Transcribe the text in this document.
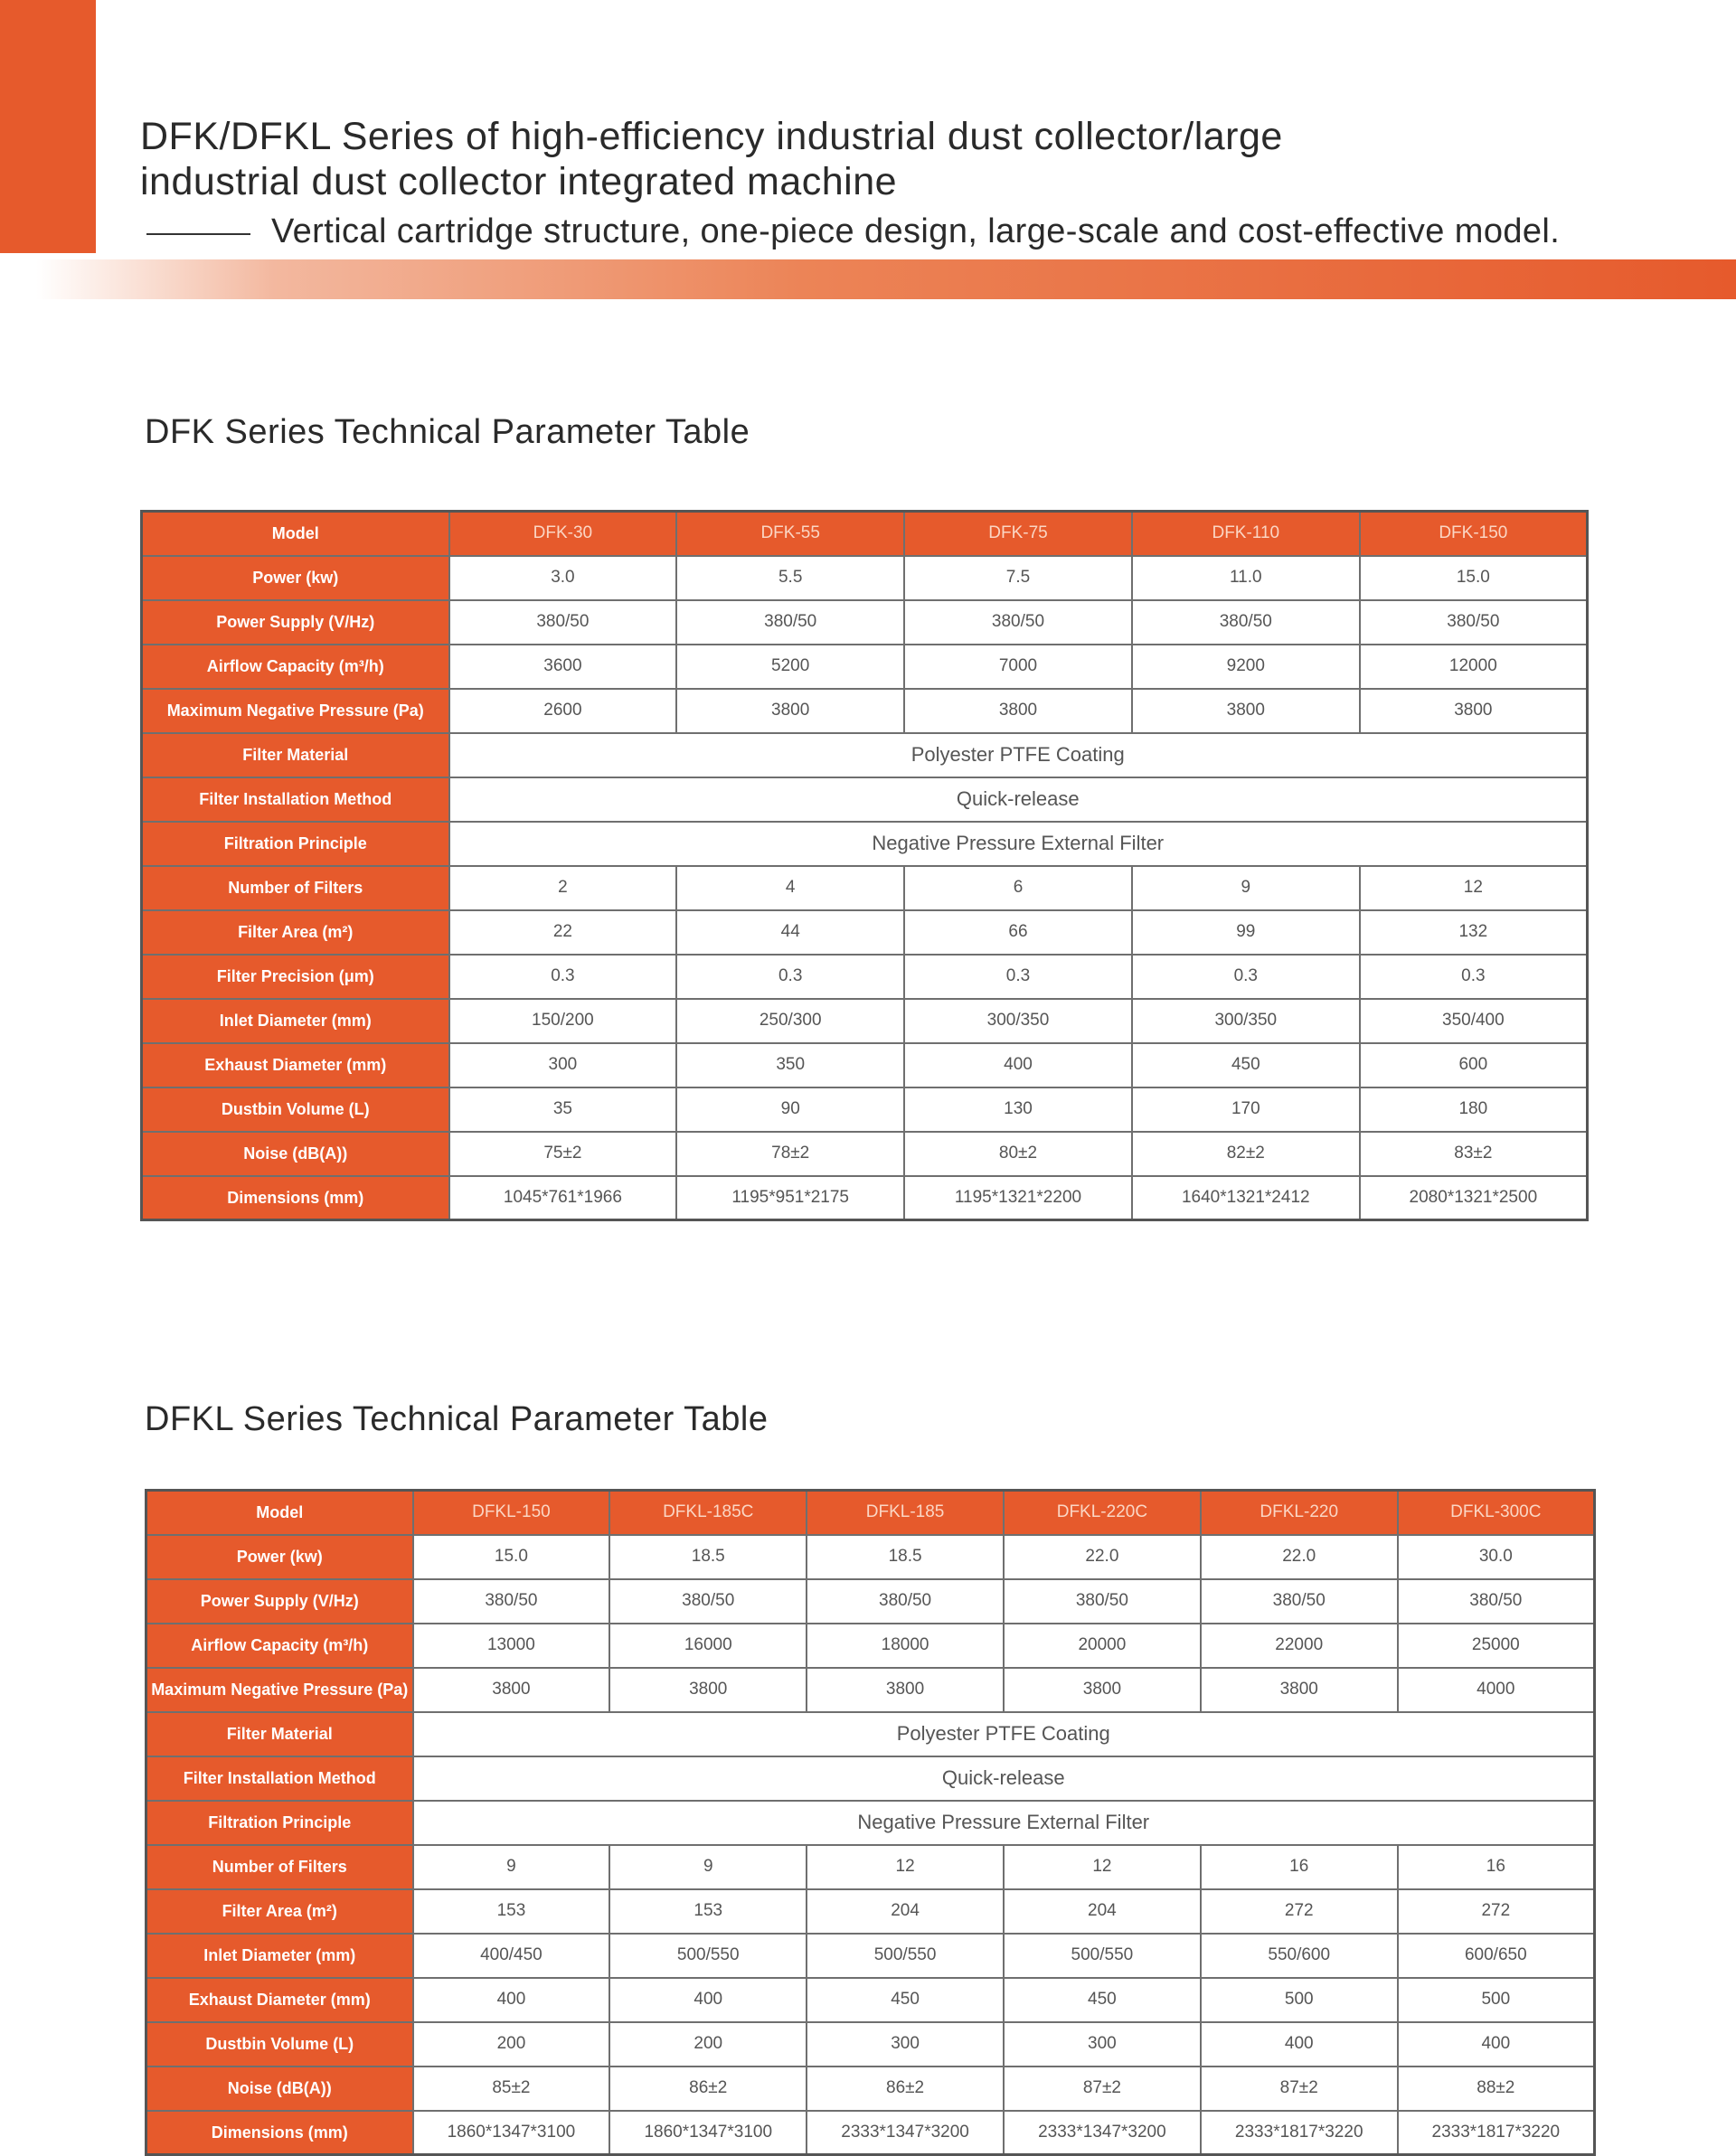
DFK/DFKL Series of high-efficiency industrial dust collector/large
industrial dust collector integrated machine

Vertical cartridge structure, one-piece design, large-scale and cost-effective model.

DFK Series Technical Parameter Table
Model	DFK-30	DFK-55	DFK-75	DFK-110	DFK-150
Power (kw)	3.0	5.5	7.5	11.0	15.0
Power Supply (V/Hz)	380/50	380/50	380/50	380/50	380/50
Airflow Capacity (m³/h)	3600	5200	7000	9200	12000
Maximum Negative Pressure (Pa)	2600	3800	3800	3800	3800
Filter Material	Polyester PTFE Coating				
Filter Installation Method	Quick-release				
Filtration Principle	Negative Pressure External Filter				
Number of Filters	2	4	6	9	12
Filter Area (m²)	22	44	66	99	132
Filter Precision (μm)	0.3	0.3	0.3	0.3	0.3
Inlet Diameter (mm)	150/200	250/300	300/350	300/350	350/400
Exhaust Diameter (mm)	300	350	400	450	600
Dustbin Volume (L)	35	90	130	170	180
Noise (dB(A))	75±2	78±2	80±2	82±2	83±2
Dimensions (mm)	1045*761*1966	1195*951*2175	1195*1321*2200	1640*1321*2412	2080*1321*2500
DFKL Series Technical Parameter Table
Model	DFKL-150	DFKL-185C	DFKL-185	DFKL-220C	DFKL-220	DFKL-300C
Power (kw)	15.0	18.5	18.5	22.0	22.0	30.0
Power Supply (V/Hz)	380/50	380/50	380/50	380/50	380/50	380/50
Airflow Capacity (m³/h)	13000	16000	18000	20000	22000	25000
Maximum Negative Pressure (Pa)	3800	3800	3800	3800	3800	4000
Filter Material	Polyester PTFE Coating					
Filter Installation Method	Quick-release					
Filtration Principle	Negative Pressure External Filter					
Number of Filters	9	9	12	12	16	16
Filter Area (m²)	153	153	204	204	272	272
Inlet Diameter (mm)	400/450	500/550	500/550	500/550	550/600	600/650
Exhaust Diameter (mm)	400	400	450	450	500	500
Dustbin Volume (L)	200	200	300	300	400	400
Noise (dB(A))	85±2	86±2	86±2	87±2	87±2	88±2
Dimensions (mm)	1860*1347*3100	1860*1347*3100	2333*1347*3200	2333*1347*3200	2333*1817*3220	2333*1817*3220
